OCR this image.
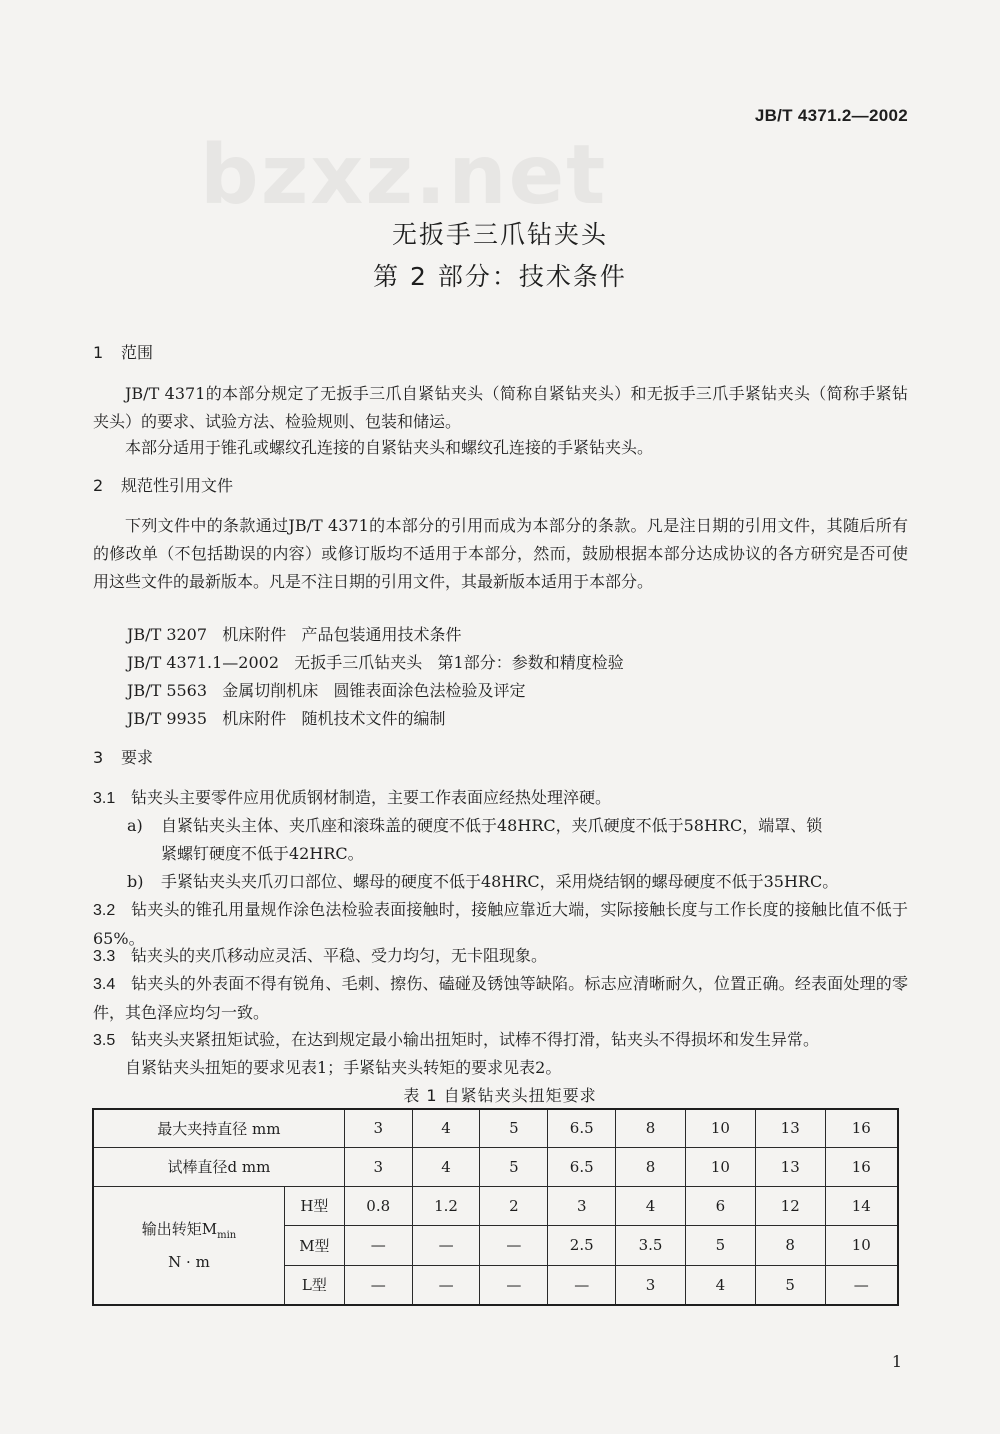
bzxz.net
JB/T 4371.2—2002
无扳手三爪钻夹头
第 2 部分：技术条件
1 范围
JB/T 4371的本部分规定了无扳手三爪自紧钻夹头（简称自紧钻夹头）和无扳手三爪手紧钻夹头（简称手紧钻夹头）的要求、试验方法、检验规则、包装和储运。
本部分适用于锥孔或螺纹孔连接的自紧钻夹头和螺纹孔连接的手紧钻夹头。
2 规范性引用文件
下列文件中的条款通过JB/T 4371的本部分的引用而成为本部分的条款。凡是注日期的引用文件，其随后所有的修改单（不包括勘误的内容）或修订版均不适用于本部分，然而，鼓励根据本部分达成协议的各方研究是否可使用这些文件的最新版本。凡是不注日期的引用文件，其最新版本适用于本部分。
JB/T 3207   机床附件   产品包装通用技术条件
JB/T 4371.1—2002   无扳手三爪钻夹头   第1部分：参数和精度检验
JB/T 5563   金属切削机床   圆锥表面涂色法检验及评定
JB/T 9935   机床附件   随机技术文件的编制
3 要求
3.1 钻夹头主要零件应用优质钢材制造，主要工作表面应经热处理淬硬。
a) 自紧钻夹头主体、夹爪座和滚珠盖的硬度不低于48HRC，夹爪硬度不低于58HRC，端罩、锁
紧螺钉硬度不低于42HRC。
b) 手紧钻夹头夹爪刃口部位、螺母的硬度不低于48HRC，采用烧结钢的螺母硬度不低于35HRC。
3.2 钻夹头的锥孔用量规作涂色法检验表面接触时，接触应靠近大端，实际接触长度与工作长度的接触比值不低于65%。
3.3 钻夹头的夹爪移动应灵活、平稳、受力均匀，无卡阻现象。
3.4 钻夹头的外表面不得有锐角、毛刺、擦伤、磕碰及锈蚀等缺陷。标志应清晰耐久，位置正确。经表面处理的零件，其色泽应均匀一致。
3.5 钻夹头夹紧扭矩试验，在达到规定最小输出扭矩时，试棒不得打滑，钻夹头不得损坏和发生异常。
自紧钻夹头扭矩的要求见表1；手紧钻夹头转矩的要求见表2。
表 1 自紧钻夹头扭矩要求
最大夹持直径 mm		3	4	5	6.5	8	10	13	16
试棒直径d mm		3	4	5	6.5	8	10	13	16

输出转矩$M_{min}$
N · m	H型	0.8	1.2	2	3	4	6	12	14
	M型	—	—	—	2.5	3.5	5	8	10
	L型	—	—	—	—	3	4	5	—
1
